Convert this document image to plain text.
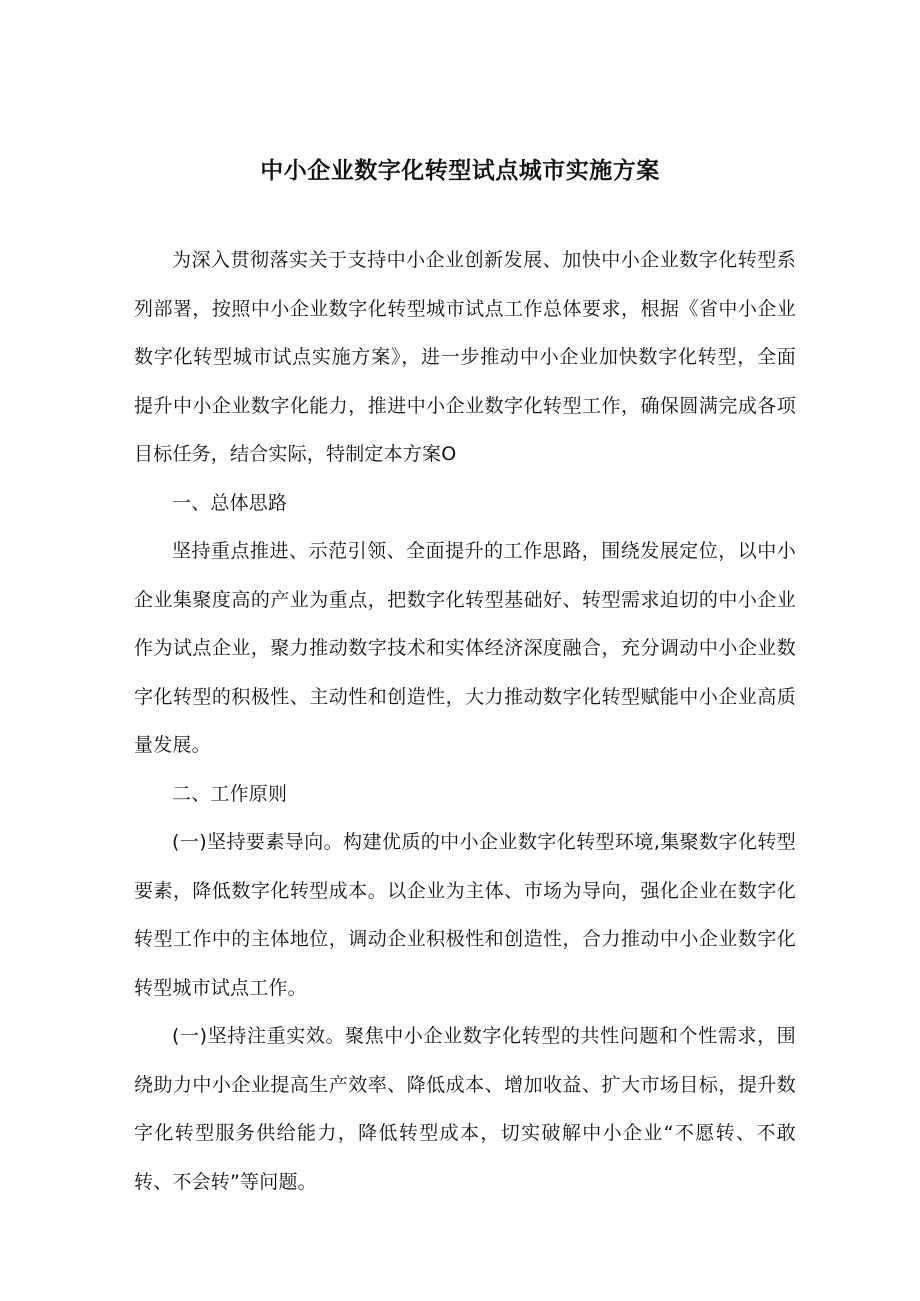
中小企业数字化转型试点城市实施方案

为深入贯彻落实关于支持中小企业创新发展、加快中小企业数字化转型系列部署，按照中小企业数字化转型城市试点工作总体要求，根据《省中小企业数字化转型城市试点实施方案》，进一步推动中小企业加快数字化转型，全面提升中小企业数字化能力，推进中小企业数字化转型工作，确保圆满完成各项目标任务，结合实际，特制定本方案O

一、总体思路

坚持重点推进、示范引领、全面提升的工作思路，围绕发展定位，以中小企业集聚度高的产业为重点，把数字化转型基础好、转型需求迫切的中小企业作为试点企业，聚力推动数字技术和实体经济深度融合，充分调动中小企业数字化转型的积极性、主动性和创造性，大力推动数字化转型赋能中小企业高质量发展。

二、工作原则

(一)坚持要素导向。构建优质的中小企业数字化转型环境,集聚数字化转型要素，降低数字化转型成本。以企业为主体、市场为导向，强化企业在数字化转型工作中的主体地位，调动企业积极性和创造性，合力推动中小企业数字化转型城市试点工作。

(一)坚持注重实效。聚焦中小企业数字化转型的共性问题和个性需求，围绕助力中小企业提高生产效率、降低成本、增加收益、扩大市场目标，提升数字化转型服务供给能力，降低转型成本，切实破解中小企业“不愿转、不敢转、不会转”等问题。
